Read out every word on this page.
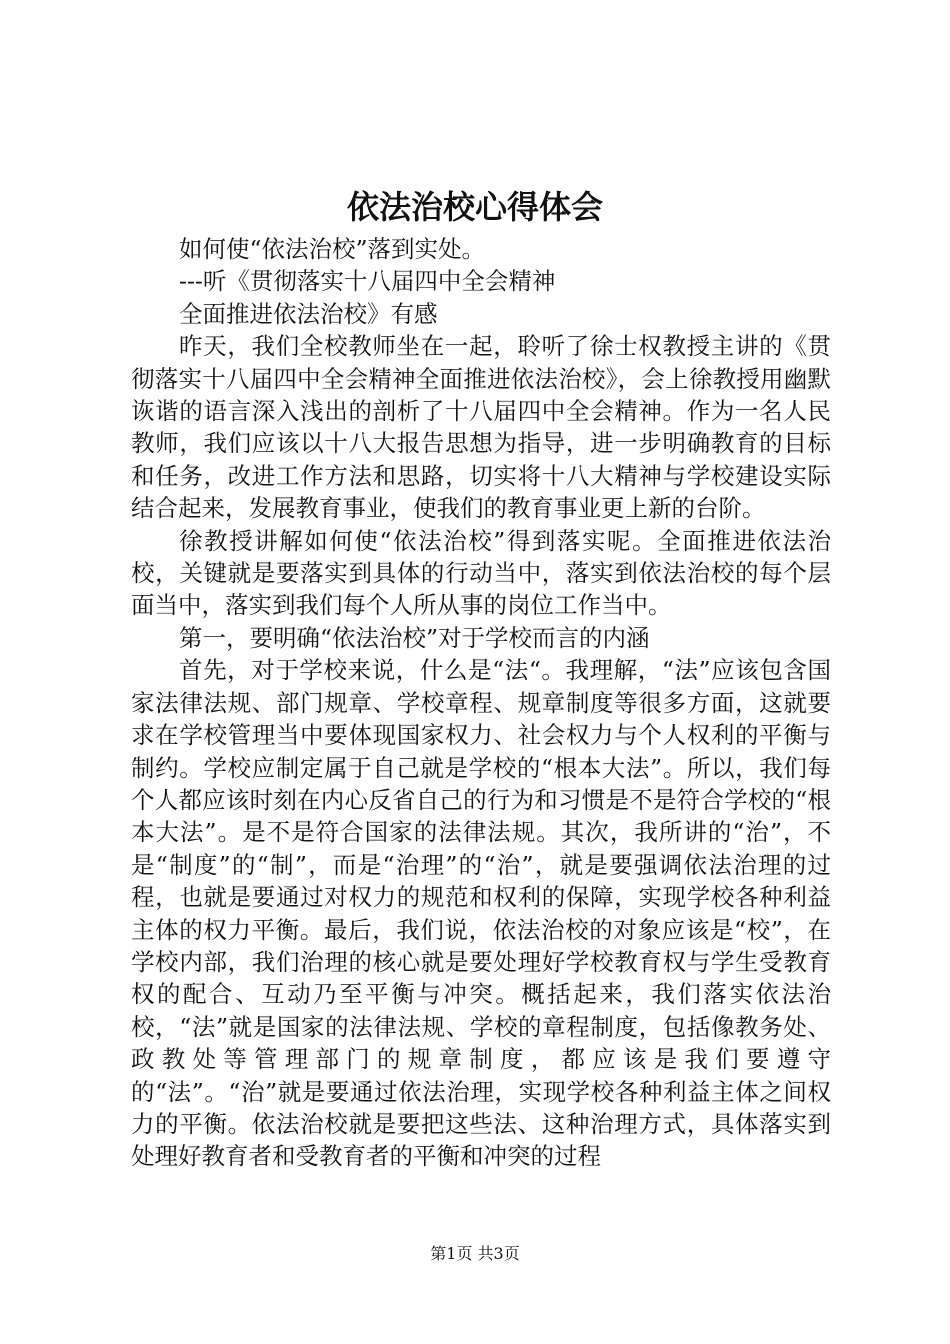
依法治校心得体会

如何使“依法治校”落到实处。

---听《贯彻落实十八届四中全会精神

全面推进依法治校》有感

昨天，我们全校教师坐在一起，聆听了徐士权教授主讲的《贯彻落实十八届四中全会精神全面推进依法治校》，会上徐教授用幽默诙谐的语言深入浅出的剖析了十八届四中全会精神。作为一名人民教师，我们应该以十八大报告思想为指导，进一步明确教育的目标和任务，改进工作方法和思路，切实将十八大精神与学校建设实际结合起来，发展教育事业，使我们的教育事业更上新的台阶。

徐教授讲解如何使“依法治校”得到落实呢。全面推进依法治校，关键就是要落实到具体的行动当中，落实到依法治校的每个层面当中，落实到我们每个人所从事的岗位工作当中。

第一，要明确“依法治校”对于学校而言的内涵

首先，对于学校来说，什么是“法“。我理解，“法”应该包含国家法律法规、部门规章、学校章程、规章制度等很多方面，这就要求在学校管理当中要体现国家权力、社会权力与个人权利的平衡与制约。学校应制定属于自己就是学校的“根本大法”。所以，我们每个人都应该时刻在内心反省自己的行为和习惯是不是符合学校的“根本大法”。是不是符合国家的法律法规。其次，我所讲的“治”，不是“制度”的“制”，而是“治理”的“治”，就是要强调依法治理的过程，也就是要通过对权力的规范和权利的保障，实现学校各种利益主体的权力平衡。最后，我们说，依法治校的对象应该是“校”，在学校内部，我们治理的核心就是要处理好学校教育权与学生受教育权的配合、互动乃至平衡与冲突。概括起来，我们落实依法治校，“法”就是国家的法律法规、学校的章程制度，包括像教务处、政教处等管理部门的规章制度，都应该是我们要遵守的“法”。“治”就是要通过依法治理，实现学校各种利益主体之间权力的平衡。依法治校就是要把这些法、这种治理方式，具体落实到处理好教育者和受教育者的平衡和冲突的过程

第1页 共3页
